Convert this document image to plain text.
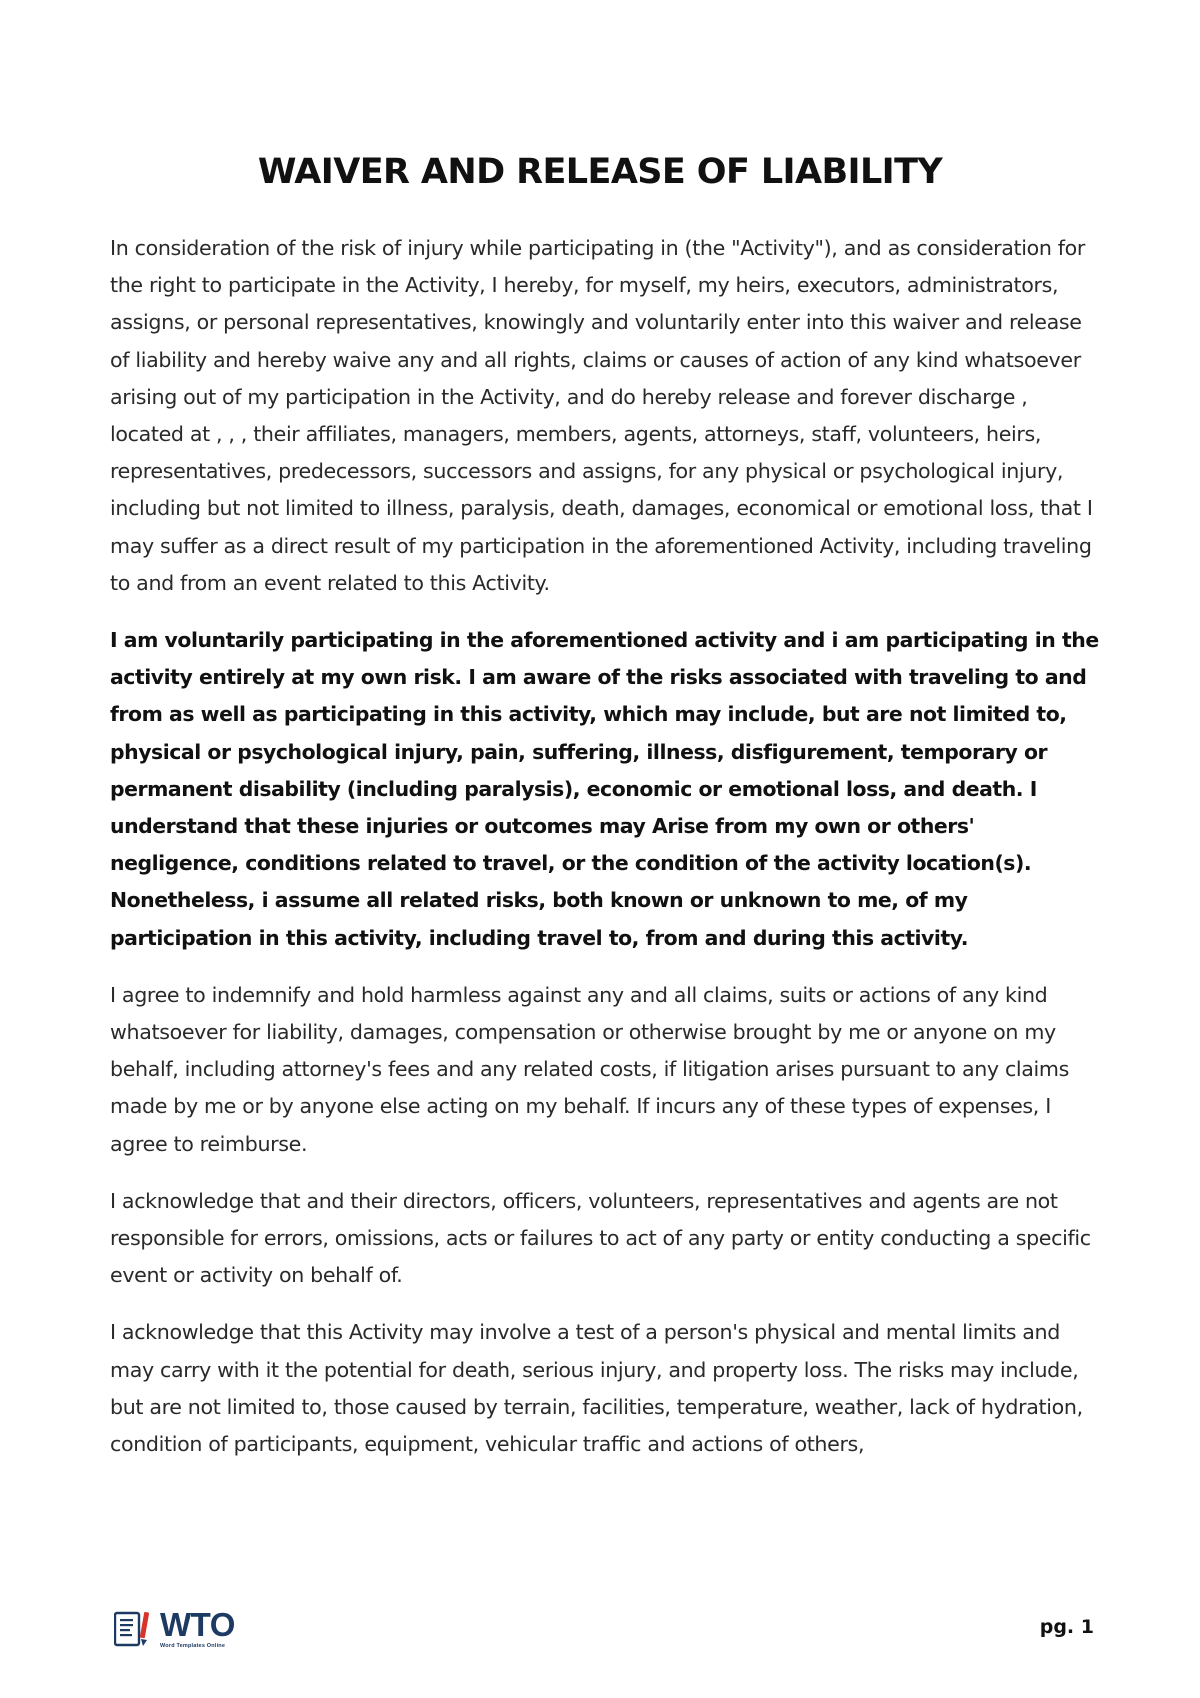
WAIVER AND RELEASE OF LIABILITY

In consideration of the risk of injury while participating in (the "Activity"), and as consideration for the right to participate in the Activity, I hereby, for myself, my heirs, executors, administrators, assigns, or personal representatives, knowingly and voluntarily enter into this waiver and release of liability and hereby waive any and all rights, claims or causes of action of any kind whatsoever arising out of my participation in the Activity, and do hereby release and forever discharge , located at , , , their affiliates, managers, members, agents, attorneys, staff, volunteers, heirs, representatives, predecessors, successors and assigns, for any physical or psychological injury, including but not limited to illness, paralysis, death, damages, economical or emotional loss, that I may suffer as a direct result of my participation in the aforementioned Activity, including traveling to and from an event related to this Activity.

I am voluntarily participating in the aforementioned activity and i am participating in the activity entirely at my own risk. I am aware of the risks associated with traveling to and from as well as participating in this activity, which may include, but are not limited to, physical or psychological injury, pain, suffering, illness, disfigurement, temporary or permanent disability (including paralysis), economic or emotional loss, and death. I understand that these injuries or outcomes may Arise from my own or others' negligence, conditions related to travel, or the condition of the activity location(s). Nonetheless, i assume all related risks, both known or unknown to me, of my participation in this activity, including travel to, from and during this activity.

I agree to indemnify and hold harmless against any and all claims, suits or actions of any kind whatsoever for liability, damages, compensation or otherwise brought by me or anyone on my behalf, including attorney's fees and any related costs, if litigation arises pursuant to any claims made by me or by anyone else acting on my behalf. If incurs any of these types of expenses, I agree to reimburse.

I acknowledge that and their directors, officers, volunteers, representatives and agents are not responsible for errors, omissions, acts or failures to act of any party or entity conducting a specific event or activity on behalf of.

I acknowledge that this Activity may involve a test of a person's physical and mental limits and may carry with it the potential for death, serious injury, and property loss. The risks may include, but are not limited to, those caused by terrain, facilities, temperature, weather, lack of hydration, condition of participants, equipment, vehicular traffic and actions of others,

WTO
Word Templates Online
pg. 1
